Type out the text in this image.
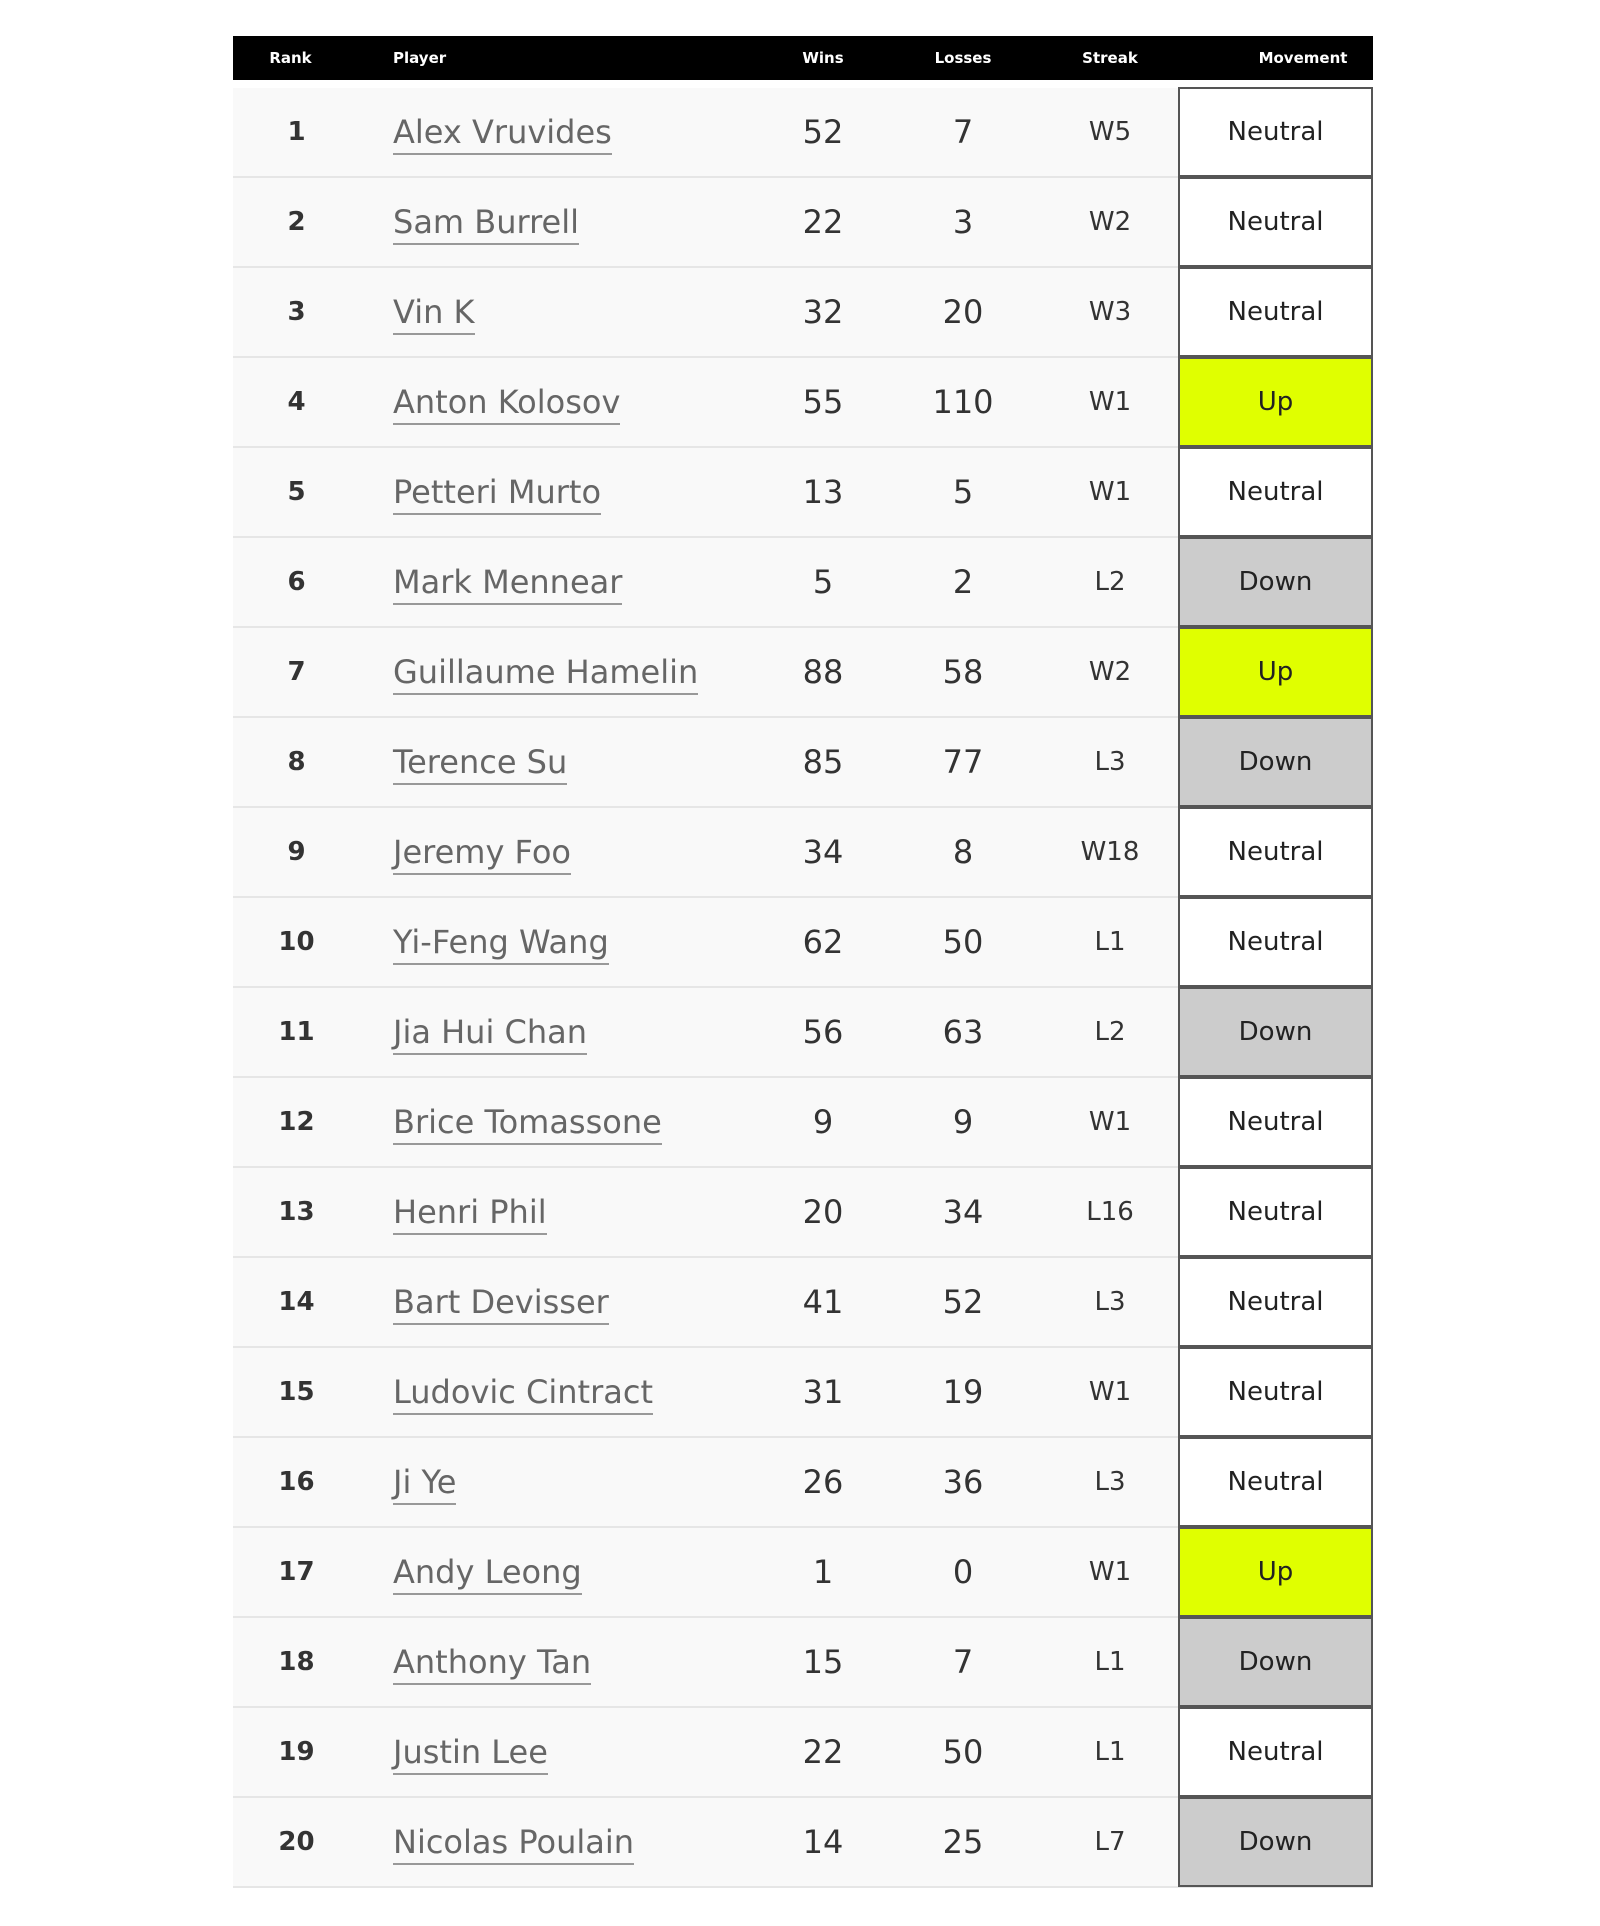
Rank	Player	Wins	Losses	Streak	Movement
1	Alex Vruvides	52	7	W5	Neutral
2	Sam Burrell	22	3	W2	Neutral
3	Vin K	32	20	W3	Neutral
4	Anton Kolosov	55	110	W1	Up
5	Petteri Murto	13	5	W1	Neutral
6	Mark Mennear	5	2	L2	Down
7	Guillaume Hamelin	88	58	W2	Up
8	Terence Su	85	77	L3	Down
9	Jeremy Foo	34	8	W18	Neutral
10	Yi-Feng Wang	62	50	L1	Neutral
11	Jia Hui Chan	56	63	L2	Down
12	Brice Tomassone	9	9	W1	Neutral
13	Henri Phil	20	34	L16	Neutral
14	Bart Devisser	41	52	L3	Neutral
15	Ludovic Cintract	31	19	W1	Neutral
16	Ji Ye	26	36	L3	Neutral
17	Andy Leong	1	0	W1	Up
18	Anthony Tan	15	7	L1	Down
19	Justin Lee	22	50	L1	Neutral
20	Nicolas Poulain	14	25	L7	Down
